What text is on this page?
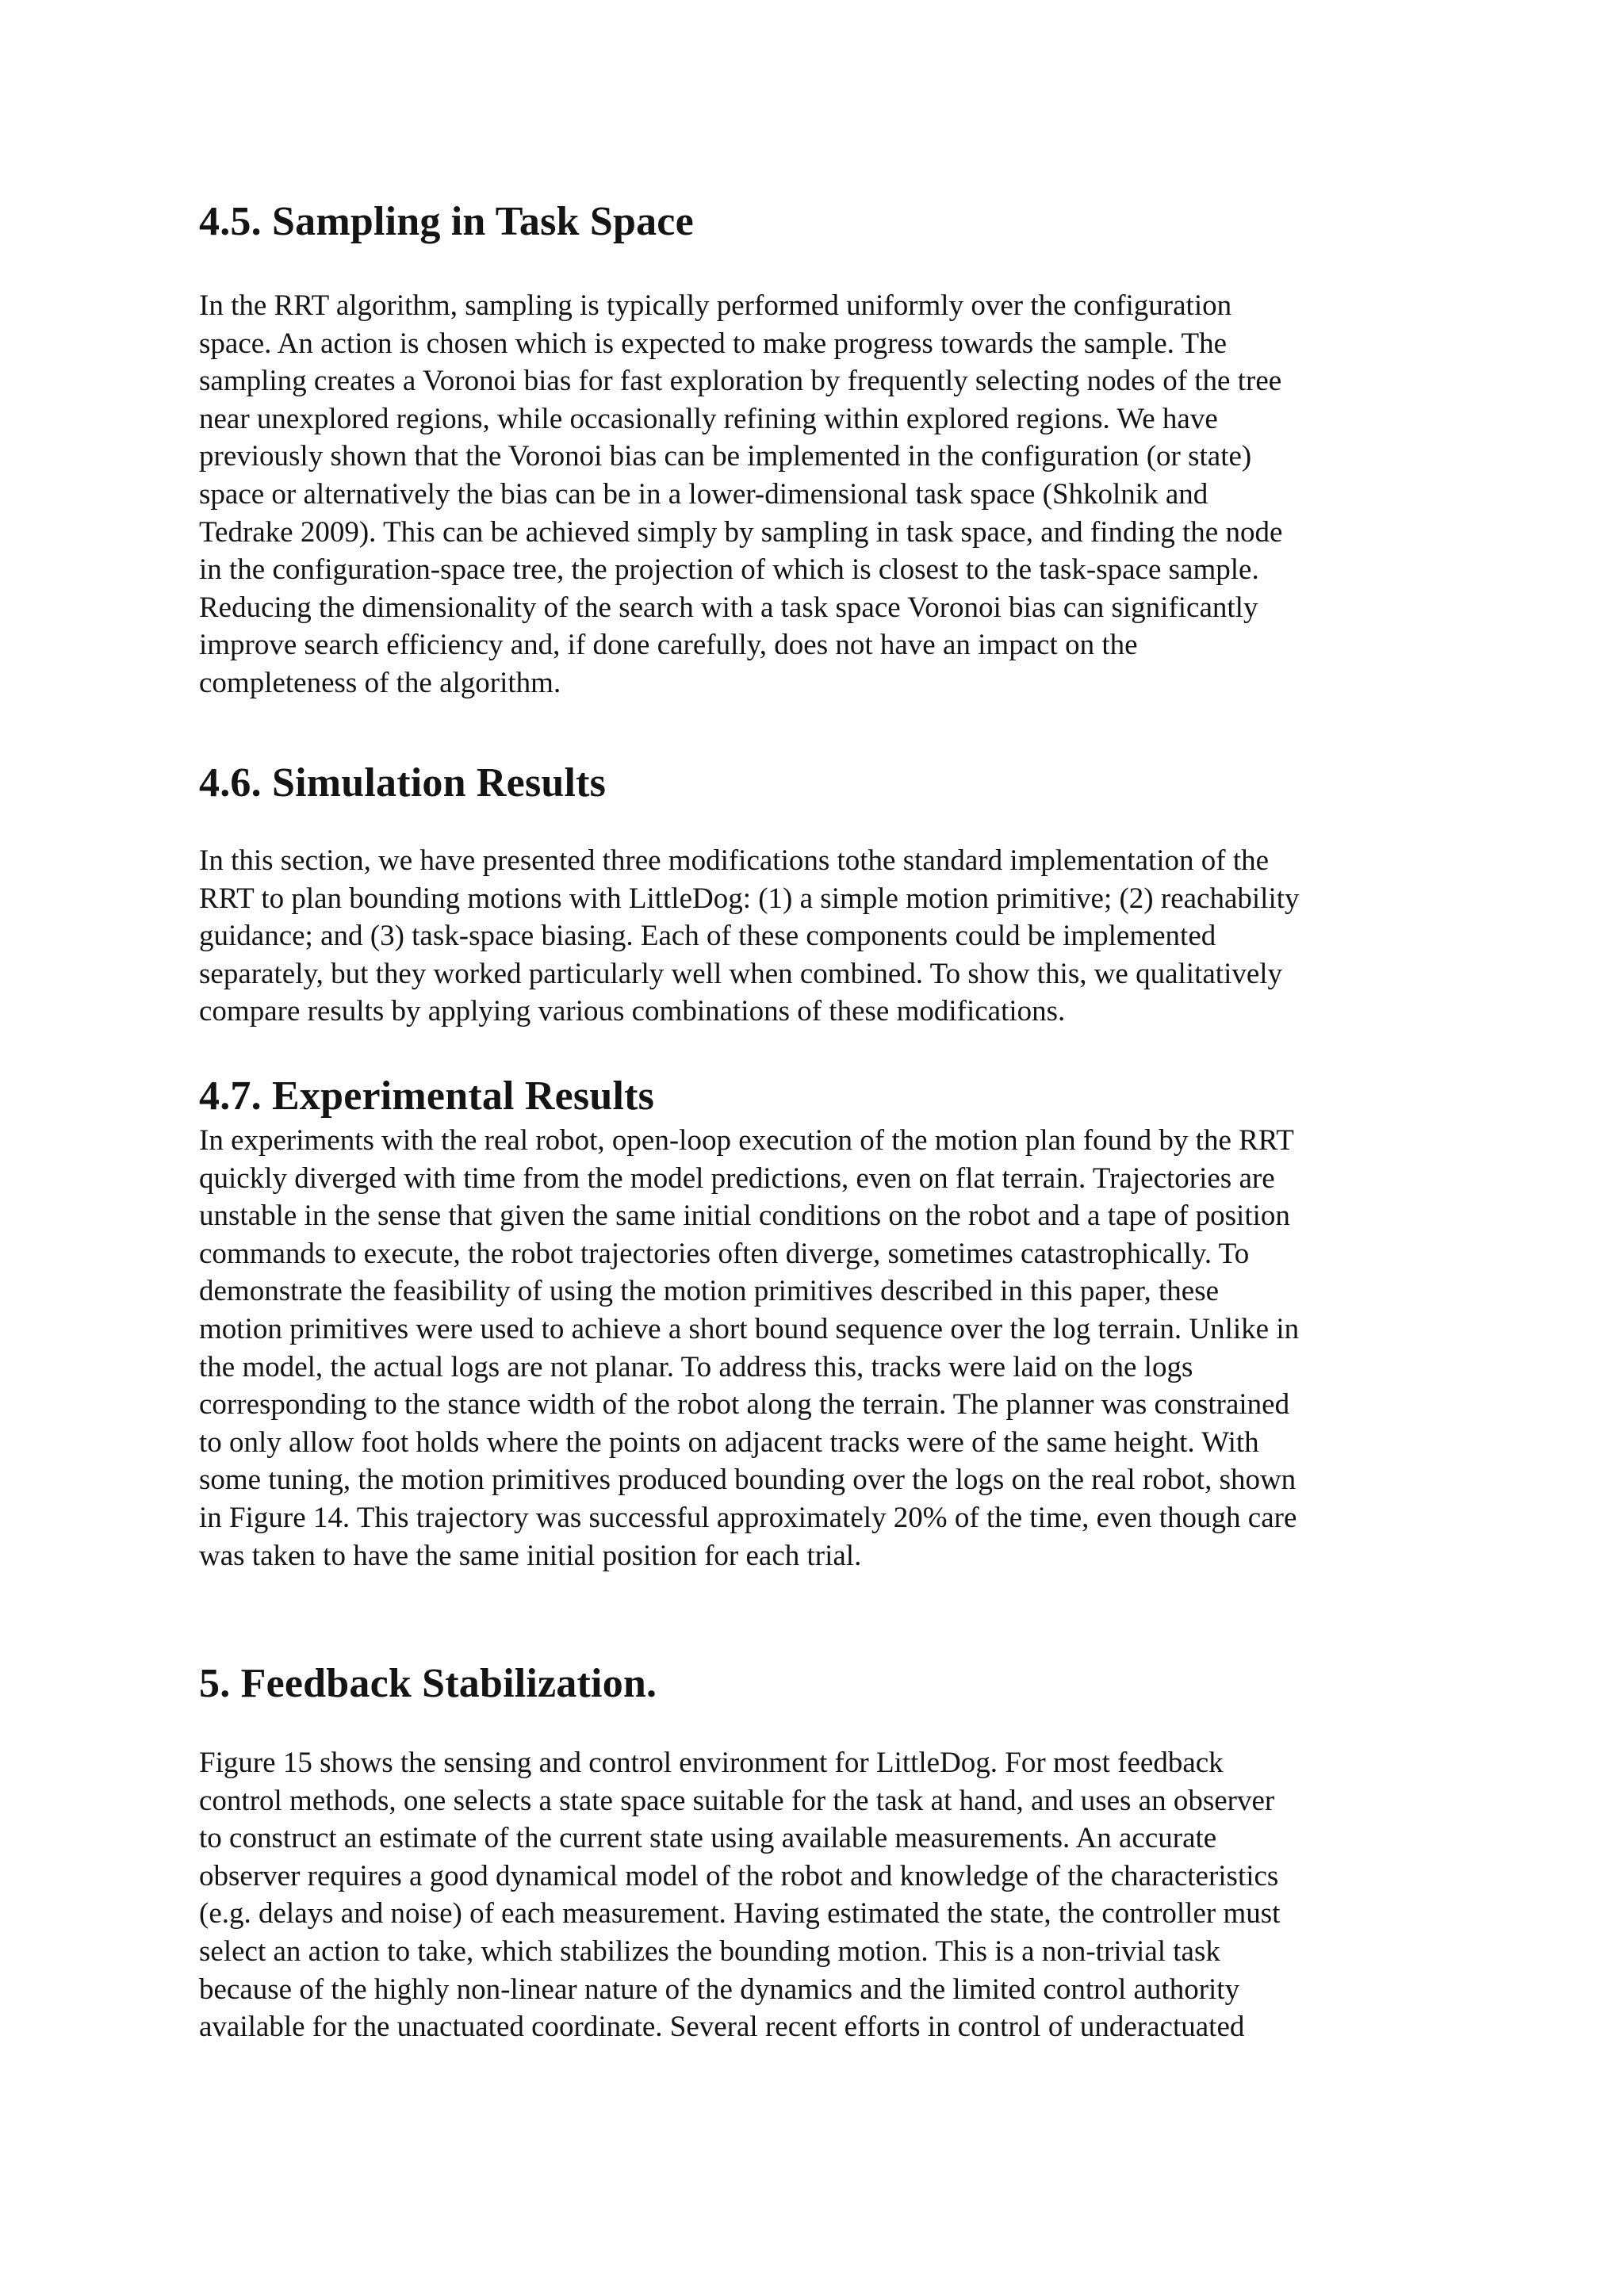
4.5. Sampling in Task Space
In the RRT algorithm, sampling is typically performed uniformly over the configuration
space. An action is chosen which is expected to make progress towards the sample. The
sampling creates a Voronoi bias for fast exploration by frequently selecting nodes of the tree
near unexplored regions, while occasionally refining within explored regions. We have
previously shown that the Voronoi bias can be implemented in the configuration (or state)
space or alternatively the bias can be in a lower-dimensional task space (Shkolnik and
Tedrake 2009). This can be achieved simply by sampling in task space, and finding the node
in the configuration-space tree, the projection of which is closest to the task-space sample.
Reducing the dimensionality of the search with a task space Voronoi bias can significantly
improve search efficiency and, if done carefully, does not have an impact on the
completeness of the algorithm.
4.6. Simulation Results
In this section, we have presented three modifications tothe standard implementation of the
RRT to plan bounding motions with LittleDog: (1) a simple motion primitive; (2) reachability
guidance; and (3) task-space biasing. Each of these components could be implemented
separately, but they worked particularly well when combined. To show this, we qualitatively
compare results by applying various combinations of these modifications.
4.7. Experimental Results
In experiments with the real robot, open-loop execution of the motion plan found by the RRT
quickly diverged with time from the model predictions, even on flat terrain. Trajectories are
unstable in the sense that given the same initial conditions on the robot and a tape of position
commands to execute, the robot trajectories often diverge, sometimes catastrophically. To
demonstrate the feasibility of using the motion primitives described in this paper, these
motion primitives were used to achieve a short bound sequence over the log terrain. Unlike in
the model, the actual logs are not planar. To address this, tracks were laid on the logs
corresponding to the stance width of the robot along the terrain. The planner was constrained
to only allow foot holds where the points on adjacent tracks were of the same height. With
some tuning, the motion primitives produced bounding over the logs on the real robot, shown
in Figure 14. This trajectory was successful approximately 20% of the time, even though care
was taken to have the same initial position for each trial.
5. Feedback Stabilization.
Figure 15 shows the sensing and control environment for LittleDog. For most feedback
control methods, one selects a state space suitable for the task at hand, and uses an observer
to construct an estimate of the current state using available measurements. An accurate
observer requires a good dynamical model of the robot and knowledge of the characteristics
(e.g. delays and noise) of each measurement. Having estimated the state, the controller must
select an action to take, which stabilizes the bounding motion. This is a non-trivial task
because of the highly non-linear nature of the dynamics and the limited control authority
available for the unactuated coordinate. Several recent efforts in control of underactuated
